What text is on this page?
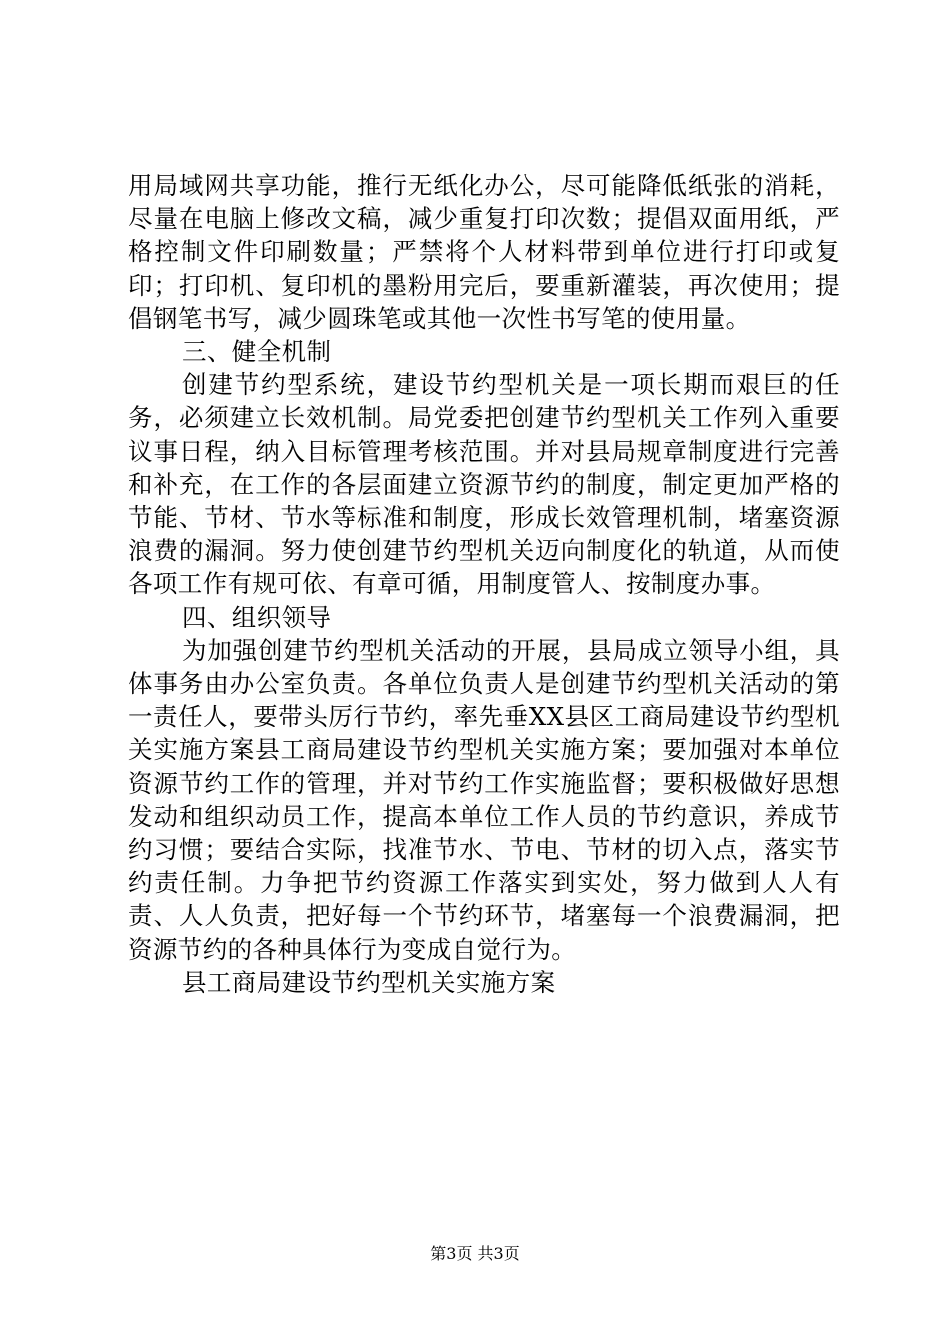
用局域网共享功能，推行无纸化办公，尽可能降低纸张的消耗，尽量在电脑上修改文稿，减少重复打印次数；提倡双面用纸，严格控制文件印刷数量；严禁将个人材料带到单位进行打印或复印；打印机、复印机的墨粉用完后，要重新灌装，再次使用；提倡钢笔书写，减少圆珠笔或其他一次性书写笔的使用量。

三、健全机制

创建节约型系统，建设节约型机关是一项长期而艰巨的任务，必须建立长效机制。局党委把创建节约型机关工作列入重要议事日程，纳入目标管理考核范围。并对县局规章制度进行完善和补充，在工作的各层面建立资源节约的制度，制定更加严格的节能、节材、节水等标准和制度，形成长效管理机制，堵塞资源浪费的漏洞。努力使创建节约型机关迈向制度化的轨道，从而使各项工作有规可依、有章可循，用制度管人、按制度办事。

四、组织领导

为加强创建节约型机关活动的开展，县局成立领导小组，具体事务由办公室负责。各单位负责人是创建节约型机关活动的第一责任人，要带头厉行节约，率先垂XX县区工商局建设节约型机关实施方案县工商局建设节约型机关实施方案；要加强对本单位资源节约工作的管理，并对节约工作实施监督；要积极做好思想发动和组织动员工作，提高本单位工作人员的节约意识，养成节约习惯；要结合实际，找准节水、节电、节材的切入点，落实节约责任制。力争把节约资源工作落实到实处，努力做到人人有责、人人负责，把好每一个节约环节，堵塞每一个浪费漏洞，把资源节约的各种具体行为变成自觉行为。

县工商局建设节约型机关实施方案

第3页 共3页
